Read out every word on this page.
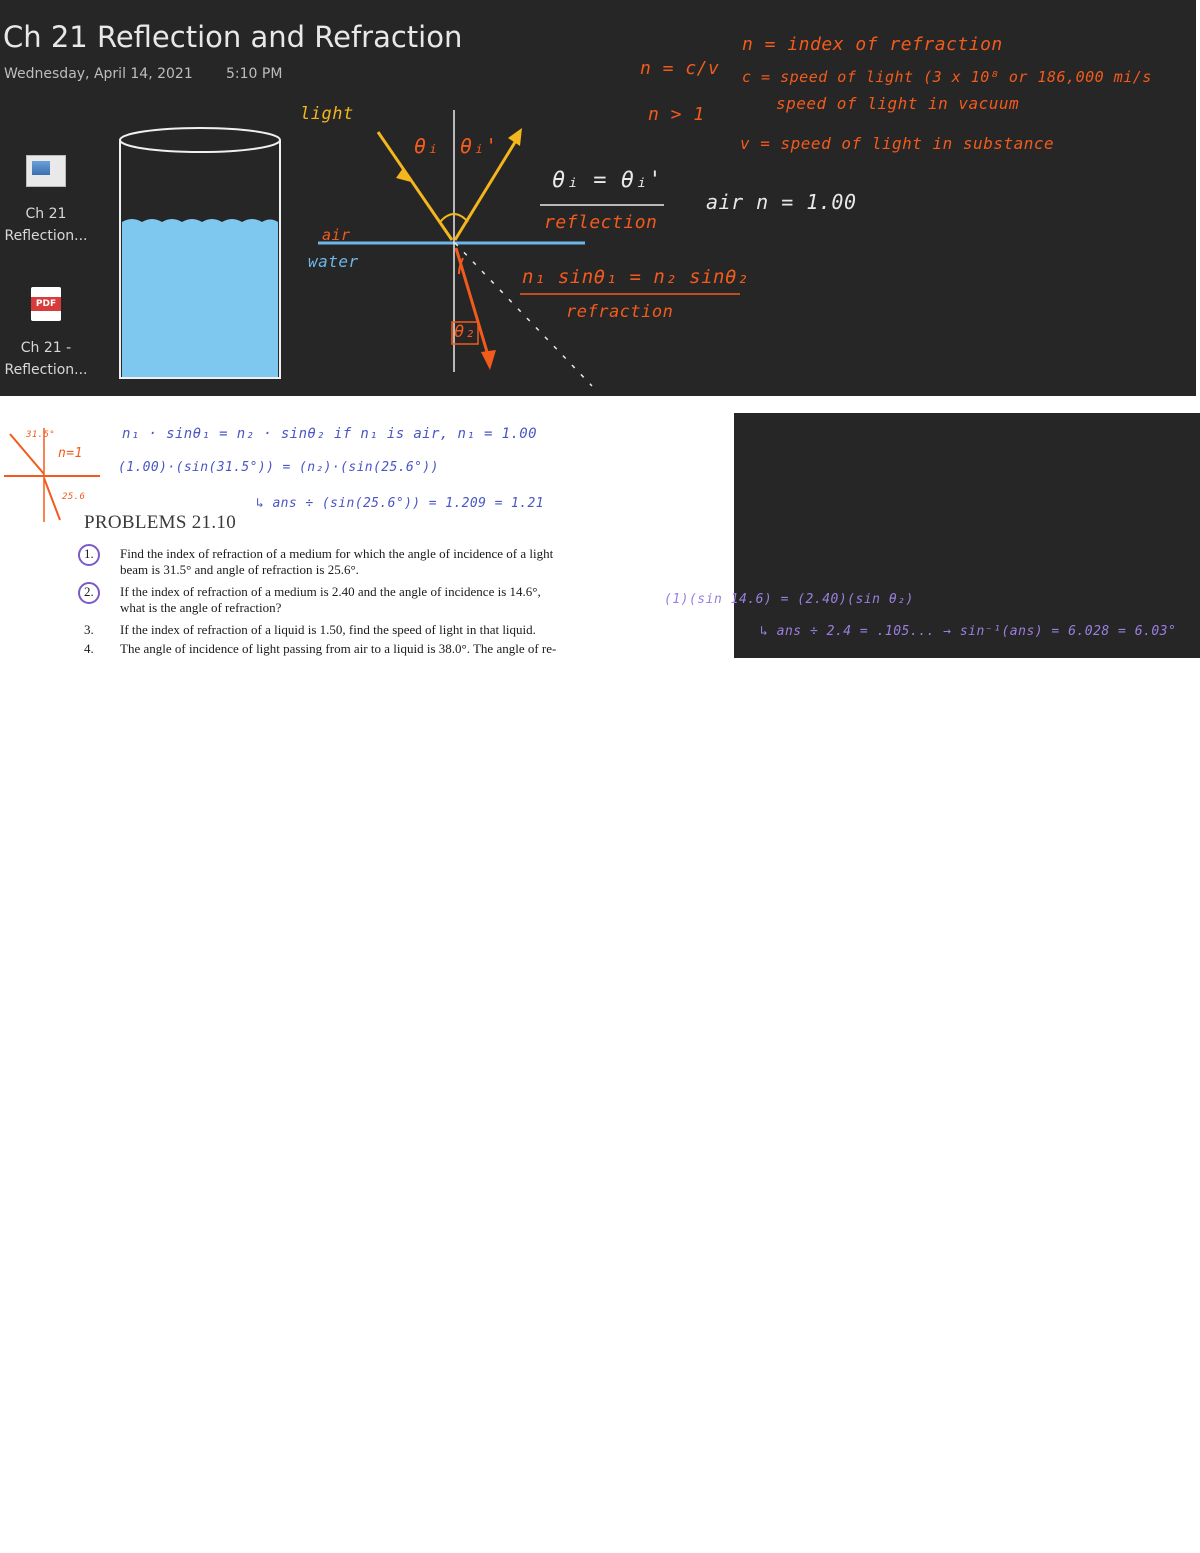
Ch 21 Reflection and Refraction
Wednesday, April 14, 2021 5:10 PM
Ch 21
Reflection...
PDF
Ch 21 -
Reflection...
light
θᵢ θᵢ'
air
water
θ₂
n = c/v
n > 1
n = index of refraction
c = speed of light (3 x 10⁸ or 186,000 mi/s
speed of light in vacuum
v = speed of light in substance
θᵢ = θᵢ'
reflection
air n = 1.00
n₁ sinθ₁ = n₂ sinθ₂
refraction
31.5°
n=1
25.6
n₁ · sinθ₁ = n₂ · sinθ₂ if n₁ is air, n₁ = 1.00
(1.00)·(sin(31.5°)) = (n₂)·(sin(25.6°))
↳ ans ÷ (sin(25.6°)) = 1.209 = 1.21
PROBLEMS 21.10
1.	Find the index of refraction of a medium for which the angle of incidence of a light
beam is 31.5° and angle of refraction is 25.6°.
2.	If the index of refraction of a medium is 2.40 and the angle of incidence is 14.6°,
what is the angle of refraction?
3.	If the index of refraction of a liquid is 1.50, find the speed of light in that liquid.
4.	The angle of incidence of light passing from air to a liquid is 38.0°. The angle of re-
(1)(sin 14.6) = (2.40)(sin θ₂)
↳ ans ÷ 2.4 = .105... → sin⁻¹(ans) = 6.028 = 6.03°
